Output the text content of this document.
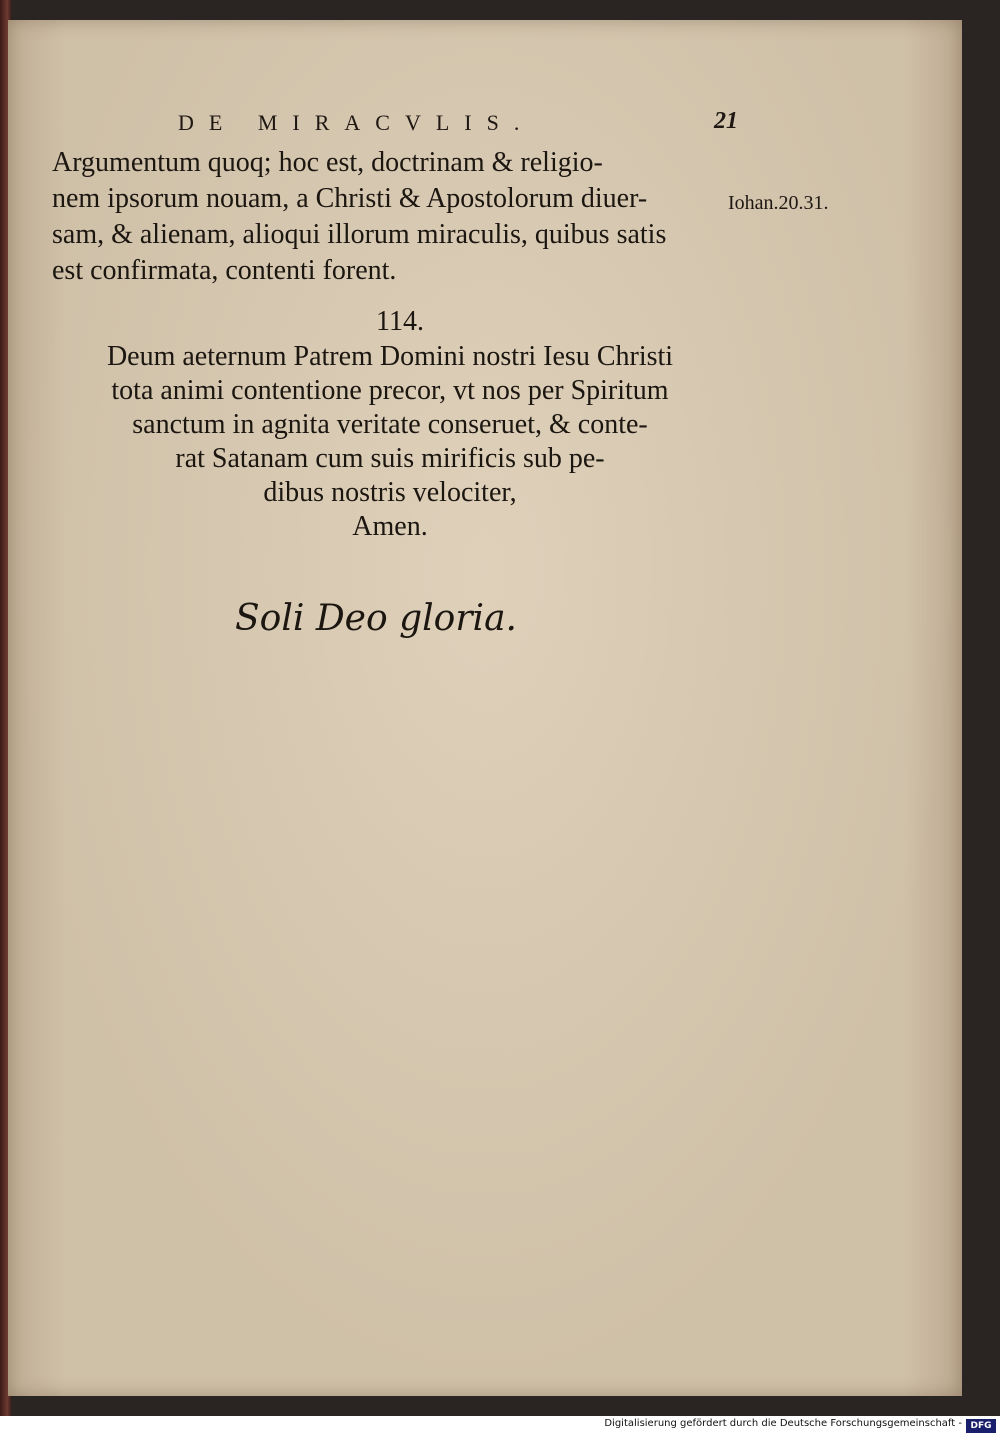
DE MIRACVLIS.	21
Argumentum quoq; hoc est, doctrinam & religio-
nem ipsorum nouam, a Christi & Apostolorum diuer-
sam, & alienam, alioqui illorum miraculis, quibus satis
est confirmata, contenti forent.
Iohan.20.31.
114.
Deum aeternum Patrem Domini nostri Iesu Christi
tota animi contentione precor, vt nos per Spiritum
sanctum in agnita veritate conseruet, & conte-
rat Satanam cum suis mirificis sub pe-
dibus nostris velociter,
Amen.
Soli Deo gloria.
Digitalisierung gefördert durch die Deutsche Forschungsgemeinschaft - DFG
